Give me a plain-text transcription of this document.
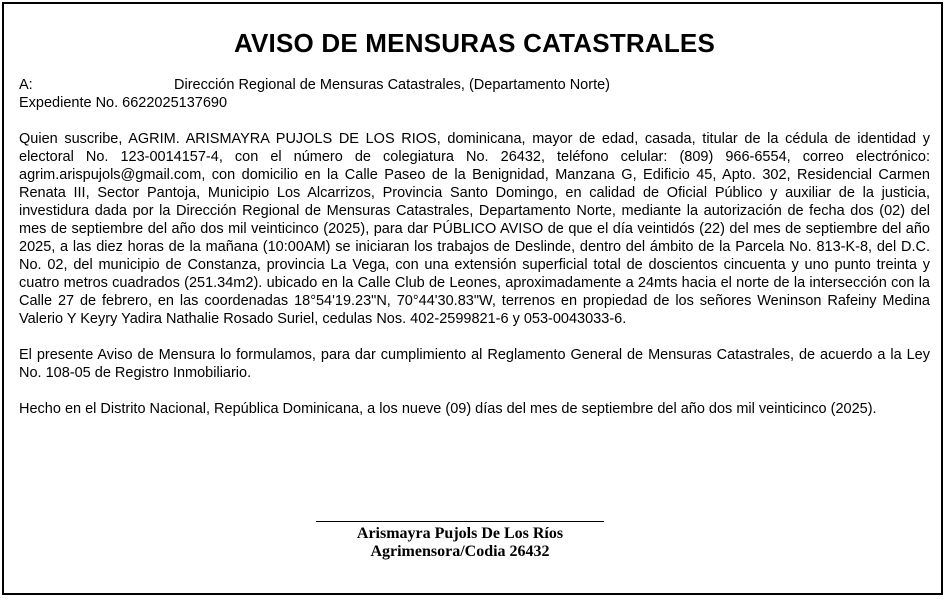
AVISO DE MENSURAS CATASTRALES
A:	Dirección Regional de Mensuras Catastrales, (Departamento Norte)
Expediente No. 6622025137690
Quien suscribe, AGRIM. ARISMAYRA PUJOLS DE LOS RIOS, dominicana, mayor de edad, casada, titular de la cédula de identidad y electoral No. 123-0014157-4, con el número de colegiatura No. 26432, teléfono celular: (809) 966-6554, correo electrónico: agrim.arispujols@gmail.com, con domicilio en la Calle Paseo de la Benignidad, Manzana G, Edificio 45, Apto. 302, Residencial Carmen Renata III, Sector Pantoja, Municipio Los Alcarrizos, Provincia Santo Domingo, en calidad de Oficial Público y auxiliar de la justicia, investidura dada por la Dirección Regional de Mensuras Catastrales, Departamento Norte, mediante la autorización de fecha dos (02) del mes de septiembre del año dos mil veinticinco (2025), para dar PÚBLICO AVISO de que el día veintidós (22) del mes de septiembre del año 2025, a las diez horas de la mañana (10:00AM) se iniciaran los trabajos de Deslinde, dentro del ámbito de la Parcela No. 813-K-8, del D.C. No. 02, del municipio de Constanza, provincia La Vega, con una extensión superficial total de doscientos cincuenta y uno punto treinta y cuatro metros cuadrados (251.34m2). ubicado en la Calle Club de Leones, aproximadamente a 24mts hacia el norte de la intersección con la Calle 27 de febrero, en las coordenadas 18°54'19.23"N, 70°44'30.83"W, terrenos en propiedad de los señores Weninson Rafeiny Medina Valerio Y Keyry Yadira Nathalie Rosado Suriel, cedulas Nos. 402-2599821-6 y 053-0043033-6.
El presente Aviso de Mensura lo formulamos, para dar cumplimiento al Reglamento General de Mensuras Catastrales, de acuerdo a la Ley No. 108-05 de Registro Inmobiliario.
Hecho en el Distrito Nacional, República Dominicana, a los nueve (09) días del mes de septiembre del año dos mil veinticinco (2025).
Arismayra Pujols De Los Ríos
Agrimensora/Codia 26432
